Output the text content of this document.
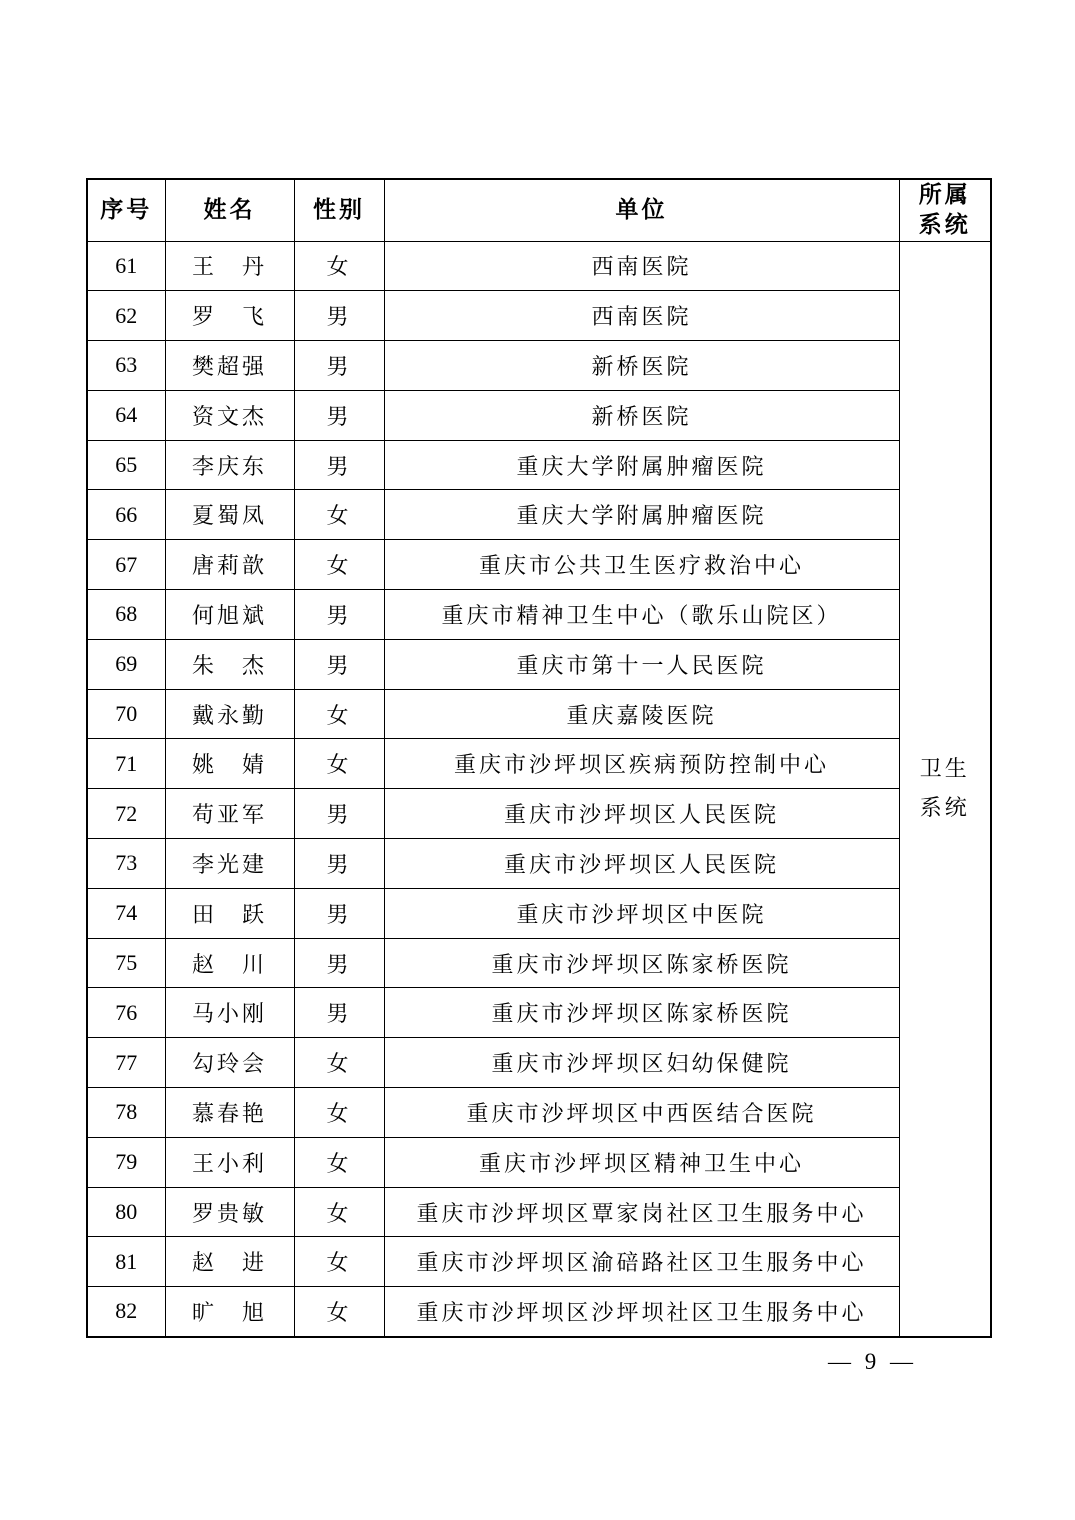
序号	姓名	性别	单位	所属
系统
61	王　丹	女	西南医院	卫生
系统
62	罗　飞	男	西南医院	
63	樊超强	男	新桥医院	
64	资文杰	男	新桥医院	
65	李庆东	男	重庆大学附属肿瘤医院	
66	夏蜀凤	女	重庆大学附属肿瘤医院	
67	唐莉歆	女	重庆市公共卫生医疗救治中心	
68	何旭斌	男	重庆市精神卫生中心（歌乐山院区）	
69	朱　杰	男	重庆市第十一人民医院	
70	戴永勤	女	重庆嘉陵医院	
71	姚　婧	女	重庆市沙坪坝区疾病预防控制中心	
72	苟亚军	男	重庆市沙坪坝区人民医院	
73	李光建	男	重庆市沙坪坝区人民医院	
74	田　跃	男	重庆市沙坪坝区中医院	
75	赵　川	男	重庆市沙坪坝区陈家桥医院	
76	马小刚	男	重庆市沙坪坝区陈家桥医院	
77	勾玲会	女	重庆市沙坪坝区妇幼保健院	
78	慕春艳	女	重庆市沙坪坝区中西医结合医院	
79	王小利	女	重庆市沙坪坝区精神卫生中心	
80	罗贵敏	女	重庆市沙坪坝区覃家岗社区卫生服务中心	
81	赵　进	女	重庆市沙坪坝区渝碚路社区卫生服务中心	
82	旷　旭	女	重庆市沙坪坝区沙坪坝社区卫生服务中心	
— 9 —
